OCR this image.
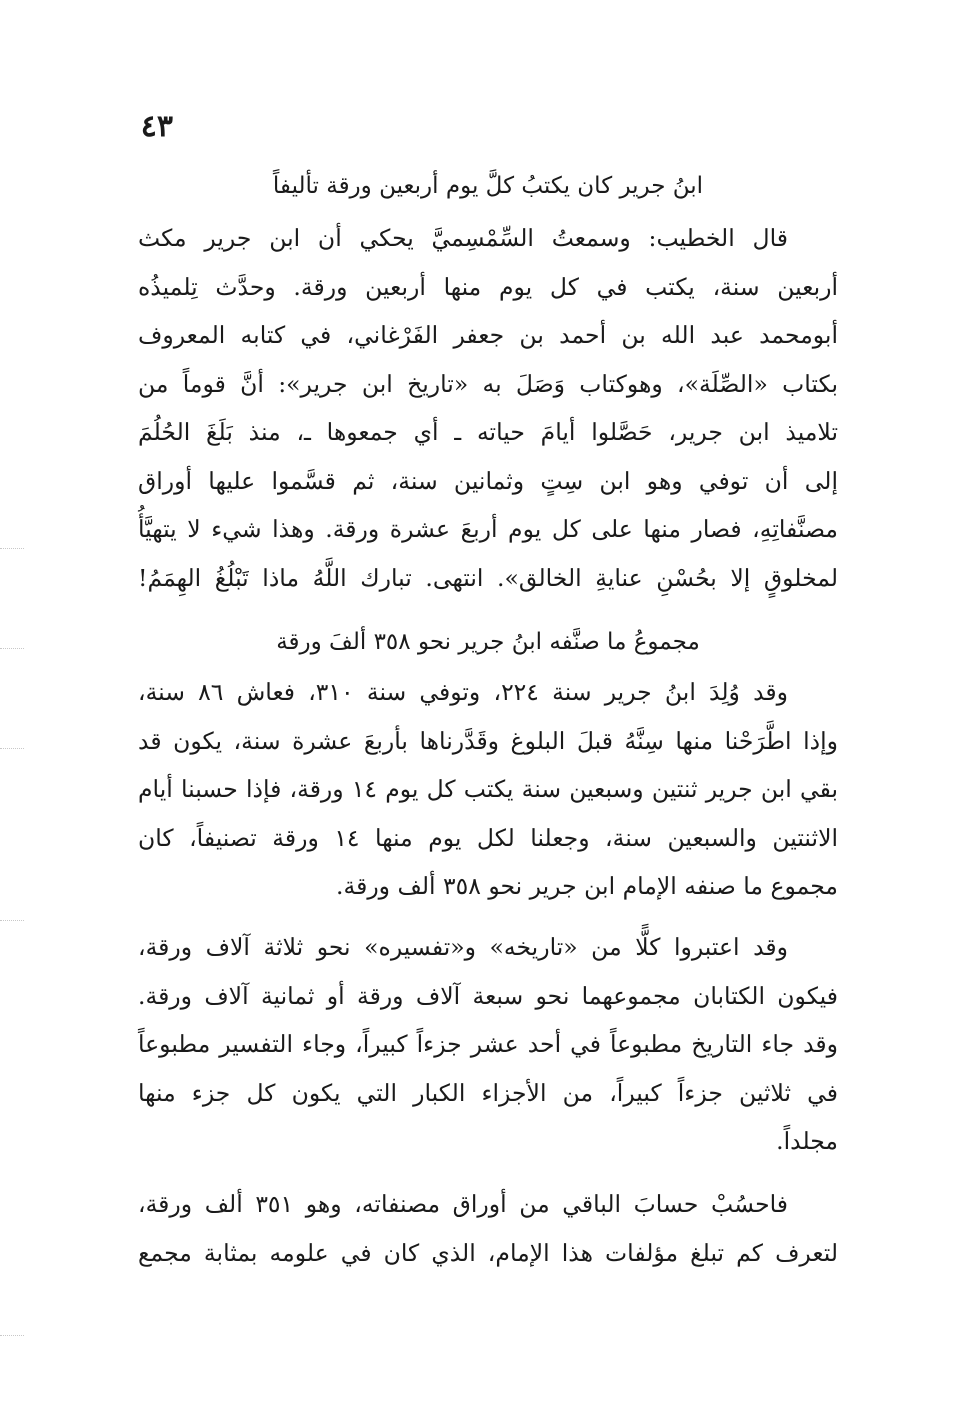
٤٣
ابنُ جرير كان يكتبُ كلَّ يوم أربعين ورقة تأليفاً
قال الخطيب: وسمعتُ السِّمْسِميَّ يحكي أن ابن جرير مكث
أربعين سنة، يكتب في كل يوم منها أربعين ورقة. وحدَّث تِلميذُه
أبومحمد عبد الله بن أحمد بن جعفر الفَرْغاني، في كتابه المعروف
بكتاب «الصِّلَة»، وهوكتاب وَصَلَ به «تاريخ ابن جرير»: أنَّ قوماً من
تلاميذ ابن جرير، حَصَّلوا أيامَ حياته ـ أي جمعوها ـ، منذ بَلَغَ الحُلُمَ
إلى أن توفي وهو ابن سِتٍ وثمانين سنة، ثم قسَّموا عليها أوراق
مصنَّفاتِهِ، فصار منها على كل يوم أربعَ عشرة ورقة. وهذا شيء لا يتهيَّأُ
لمخلوقٍ إلا بحُسْنِ عنايةِ الخالق». انتهى. تبارك اللَّهُ ماذا تَبْلُغُ الهِمَمُ!
مجموعُ ما صنَّفه ابنُ جرير نحو ٣٥٨ ألفَ ورقة
وقد وُلِدَ ابنُ جرير سنة ٢٢٤، وتوفي سنة ٣١٠، فعاش ٨٦ سنة،
وإذا اطَّرَحْنا منها سِنَّهُ قبلَ البلوغ وقَدَّرناها بأربعَ عشرة سنة، يكون قد
بقي ابن جرير ثنتين وسبعين سنة يكتب كل يوم ١٤ ورقة، فإذا حسبنا أيام
الاثنتين والسبعين سنة، وجعلنا لكل يوم منها ١٤ ورقة تصنيفاً، كان
مجموع ما صنفه الإمام ابن جرير نحو ٣٥٨ ألف ورقة.
وقد اعتبروا كلًّا من «تاريخه» و«تفسيره» نحو ثلاثة آلاف ورقة،
فيكون الكتابان مجموعهما نحو سبعة آلاف ورقة أو ثمانية آلاف ورقة.
وقد جاء التاريخ مطبوعاً في أحد عشر جزءاً كبيراً، وجاء التفسير مطبوعاً
في ثلاثين جزءاً كبيراً، من الأجزاء الكبار التي يكون كل جزء منها
مجلداً.
فاحسُبْ حسابَ الباقي من أوراق مصنفاته، وهو ٣٥١ ألف ورقة،
لتعرف كم تبلغ مؤلفات هذا الإمام، الذي كان في علومه بمثابة مجمع
